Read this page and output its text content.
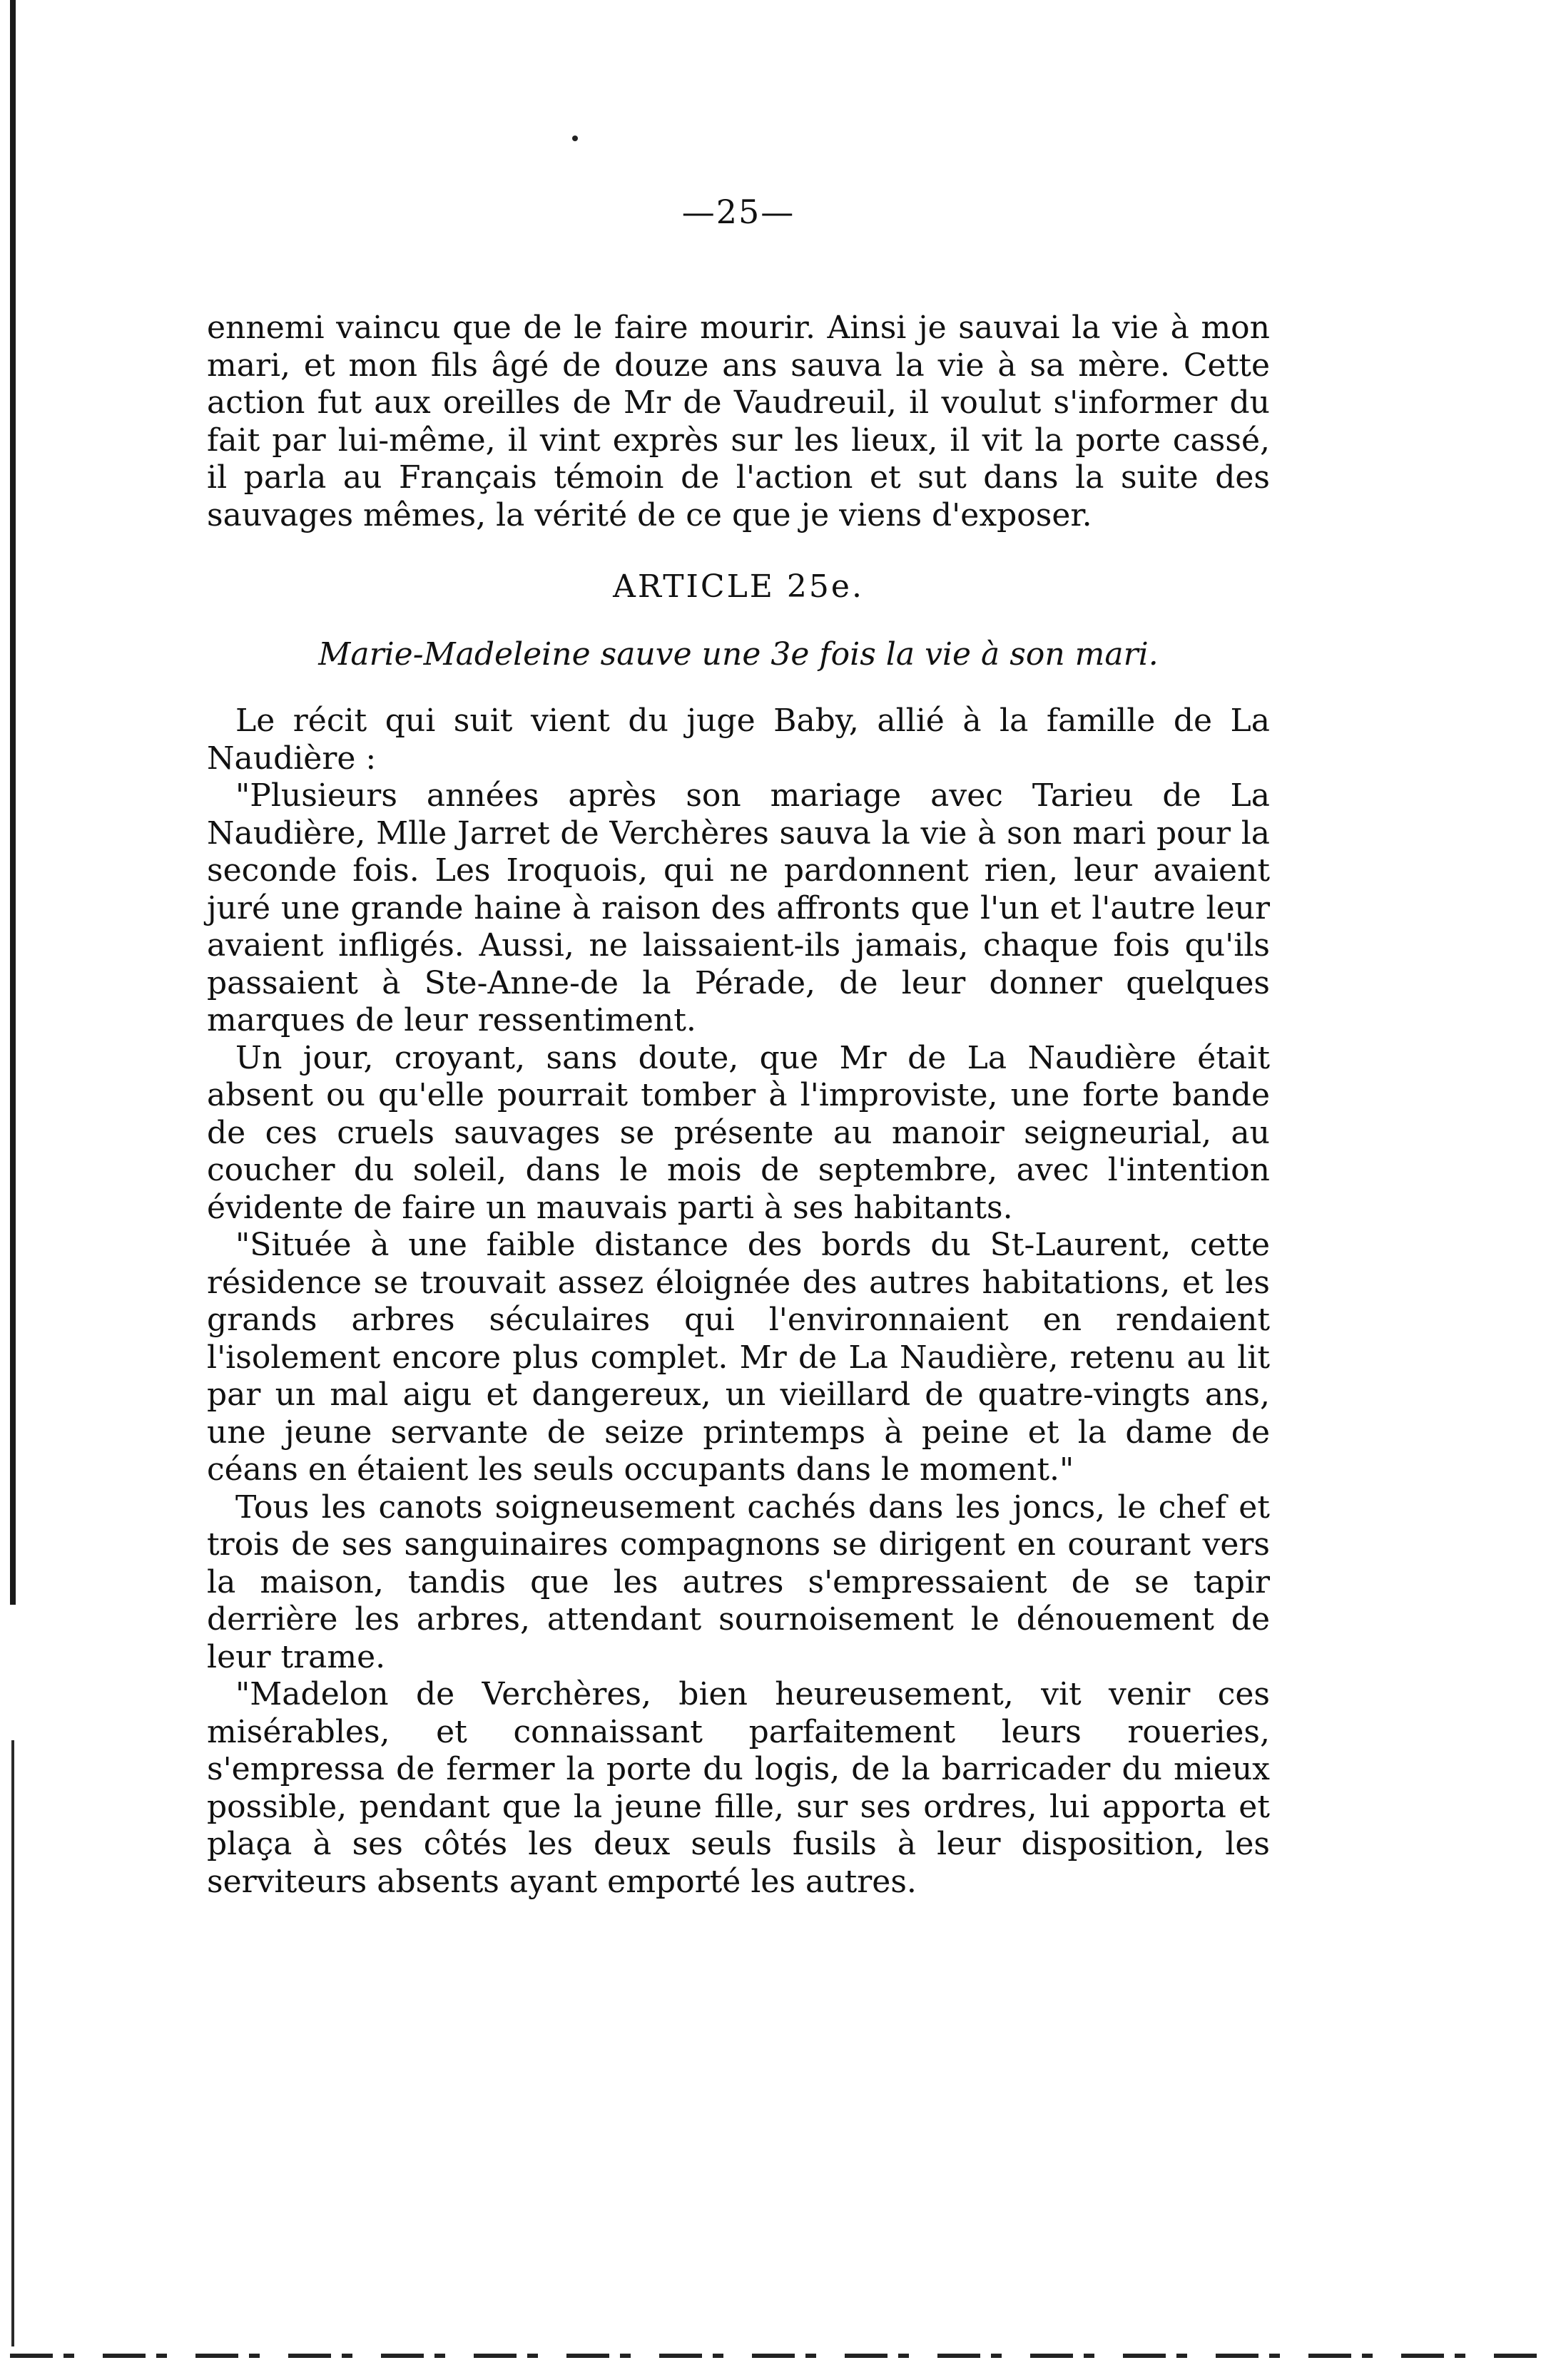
—25—

ennemi vaincu que de le faire mourir. Ainsi je sauvai la vie à mon mari, et mon fils âgé de douze ans sauva la vie à sa mère. Cette action fut aux oreilles de Mr de Vaudreuil, il voulut s'informer du fait par lui-même, il vint exprès sur les lieux, il vit la porte cassé, il parla au Français témoin de l'action et sut dans la suite des sauvages mêmes, la vérité de ce que je viens d'exposer.

ARTICLE 25e.
Marie-Madeleine sauve une 3e fois la vie à son mari.

Le récit qui suit vient du juge Baby, allié à la famille de La Naudière :

"Plusieurs années après son mariage avec Tarieu de La Naudière, Mlle Jarret de Verchères sauva la vie à son mari pour la seconde fois. Les Iroquois, qui ne pardonnent rien, leur avaient juré une grande haine à raison des affronts que l'un et l'autre leur avaient infligés. Aussi, ne laissaient-ils jamais, chaque fois qu'ils passaient à Ste-Anne-de la Pérade, de leur donner quelques marques de leur ressentiment.

Un jour, croyant, sans doute, que Mr de La Naudière était absent ou qu'elle pourrait tomber à l'improviste, une forte bande de ces cruels sauvages se présente au manoir seigneurial, au coucher du soleil, dans le mois de septembre, avec l'intention évidente de faire un mauvais parti à ses habitants.

"Située à une faible distance des bords du St-Laurent, cette résidence se trouvait assez éloignée des autres habitations, et les grands arbres séculaires qui l'environnaient en rendaient l'isolement encore plus complet. Mr de La Naudière, retenu au lit par un mal aigu et dangereux, un vieillard de quatre-vingts ans, une jeune servante de seize printemps à peine et la dame de céans en étaient les seuls occupants dans le moment."

Tous les canots soigneusement cachés dans les joncs, le chef et trois de ses sanguinaires compagnons se dirigent en courant vers la maison, tandis que les autres s'empressaient de se tapir derrière les arbres, attendant sournoisement le dénouement de leur trame.

"Madelon de Verchères, bien heureusement, vit venir ces misérables, et connaissant parfaitement leurs roueries, s'empressa de fermer la porte du logis, de la barricader du mieux possible, pendant que la jeune fille, sur ses ordres, lui apporta et plaça à ses côtés les deux seuls fusils à leur disposition, les serviteurs absents ayant emporté les autres.
